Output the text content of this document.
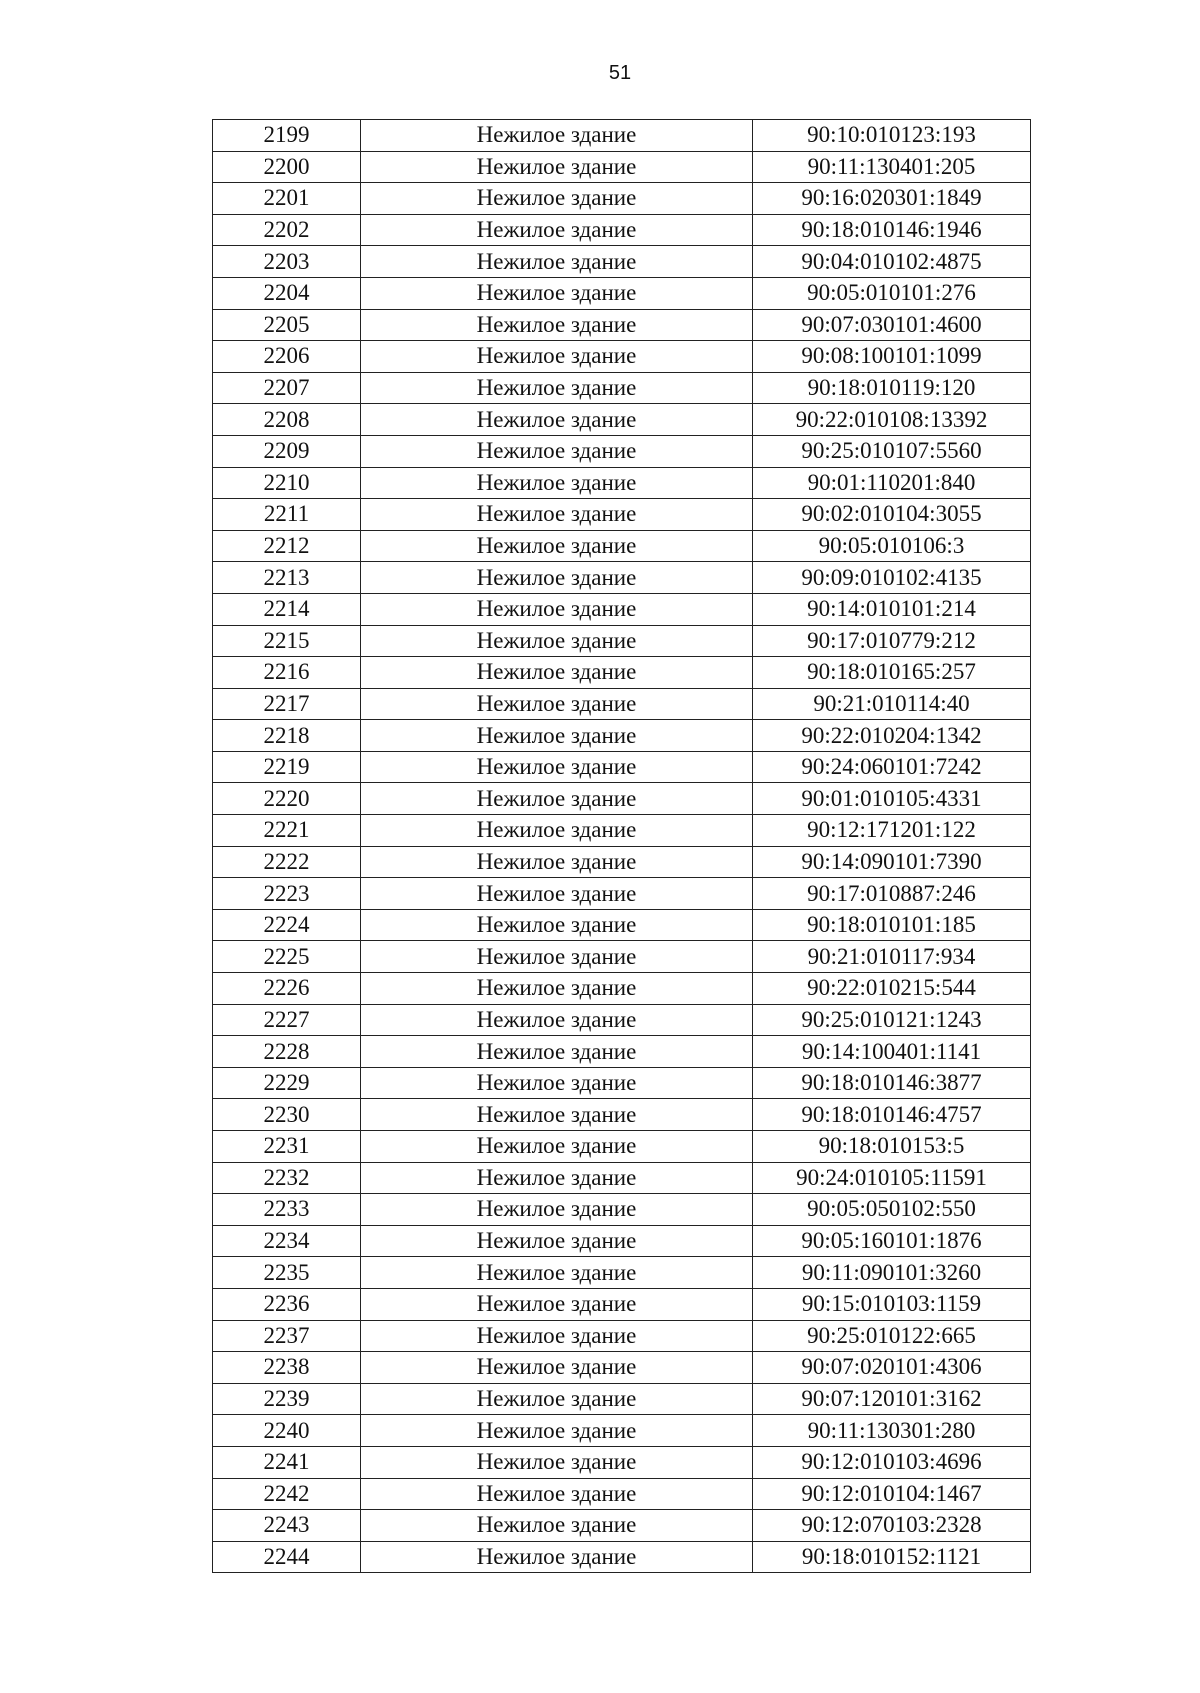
51
2199	Нежилое здание	90:10:010123:193
2200	Нежилое здание	90:11:130401:205
2201	Нежилое здание	90:16:020301:1849
2202	Нежилое здание	90:18:010146:1946
2203	Нежилое здание	90:04:010102:4875
2204	Нежилое здание	90:05:010101:276
2205	Нежилое здание	90:07:030101:4600
2206	Нежилое здание	90:08:100101:1099
2207	Нежилое здание	90:18:010119:120
2208	Нежилое здание	90:22:010108:13392
2209	Нежилое здание	90:25:010107:5560
2210	Нежилое здание	90:01:110201:840
2211	Нежилое здание	90:02:010104:3055
2212	Нежилое здание	90:05:010106:3
2213	Нежилое здание	90:09:010102:4135
2214	Нежилое здание	90:14:010101:214
2215	Нежилое здание	90:17:010779:212
2216	Нежилое здание	90:18:010165:257
2217	Нежилое здание	90:21:010114:40
2218	Нежилое здание	90:22:010204:1342
2219	Нежилое здание	90:24:060101:7242
2220	Нежилое здание	90:01:010105:4331
2221	Нежилое здание	90:12:171201:122
2222	Нежилое здание	90:14:090101:7390
2223	Нежилое здание	90:17:010887:246
2224	Нежилое здание	90:18:010101:185
2225	Нежилое здание	90:21:010117:934
2226	Нежилое здание	90:22:010215:544
2227	Нежилое здание	90:25:010121:1243
2228	Нежилое здание	90:14:100401:1141
2229	Нежилое здание	90:18:010146:3877
2230	Нежилое здание	90:18:010146:4757
2231	Нежилое здание	90:18:010153:5
2232	Нежилое здание	90:24:010105:11591
2233	Нежилое здание	90:05:050102:550
2234	Нежилое здание	90:05:160101:1876
2235	Нежилое здание	90:11:090101:3260
2236	Нежилое здание	90:15:010103:1159
2237	Нежилое здание	90:25:010122:665
2238	Нежилое здание	90:07:020101:4306
2239	Нежилое здание	90:07:120101:3162
2240	Нежилое здание	90:11:130301:280
2241	Нежилое здание	90:12:010103:4696
2242	Нежилое здание	90:12:010104:1467
2243	Нежилое здание	90:12:070103:2328
2244	Нежилое здание	90:18:010152:1121
